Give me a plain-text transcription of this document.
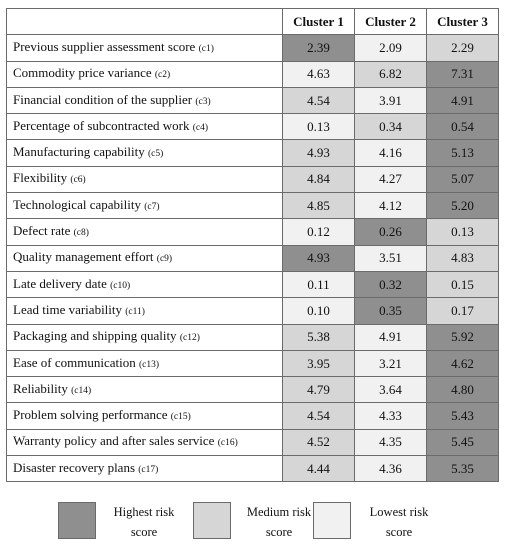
	Cluster 1	Cluster 2	Cluster 3
Previous supplier assessment score (c1)	2.39	2.09	2.29
Commodity price variance (c2)	4.63	6.82	7.31
Financial condition of the supplier (c3)	4.54	3.91	4.91
Percentage of subcontracted work (c4)	0.13	0.34	0.54
Manufacturing capability (c5)	4.93	4.16	5.13
Flexibility (c6)	4.84	4.27	5.07
Technological capability (c7)	4.85	4.12	5.20
Defect rate (c8)	0.12	0.26	0.13
Quality management effort (c9)	4.93	3.51	4.83
Late delivery date (c10)	0.11	0.32	0.15
Lead time variability (c11)	0.10	0.35	0.17
Packaging and shipping quality (c12)	5.38	4.91	5.92
Ease of communication (c13)	3.95	3.21	4.62
Reliability (c14)	4.79	3.64	4.80
Problem solving performance (c15)	4.54	4.33	5.43
Warranty policy and after sales service (c16)	4.52	4.35	5.45
Disaster recovery plans (c17)	4.44	4.36	5.35
Highest risk
score
Medium risk
score
Lowest risk
score
